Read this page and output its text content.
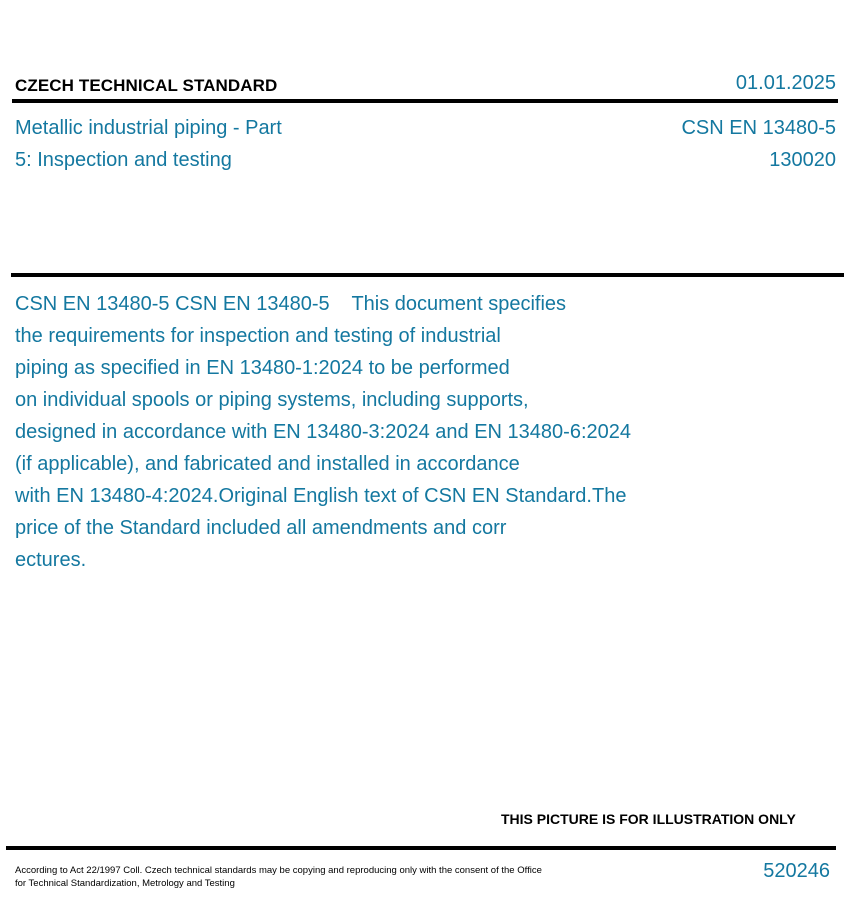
CZECH TECHNICAL STANDARD	01.01.2025
Metallic industrial piping - Part
5: Inspection and testing
CSN EN 13480-5
130020
CSN EN 13480-5 CSN EN 13480-5    This document specifies
the requirements for inspection and testing of industrial
piping as specified in EN 13480-1:2024 to be performed
on individual spools or piping systems, including supports,
designed in accordance with EN 13480-3:2024 and EN 13480-6:2024
(if applicable), and fabricated and installed in accordance
with EN 13480-4:2024.Original English text of CSN EN Standard.The
price of the Standard included all amendments and corr
ectures.
THIS PICTURE IS FOR ILLUSTRATION ONLY
According to Act 22/1997 Coll. Czech technical standards may be copying and reproducing only with the consent of the Office
for Technical Standardization, Metrology and Testing
520246
